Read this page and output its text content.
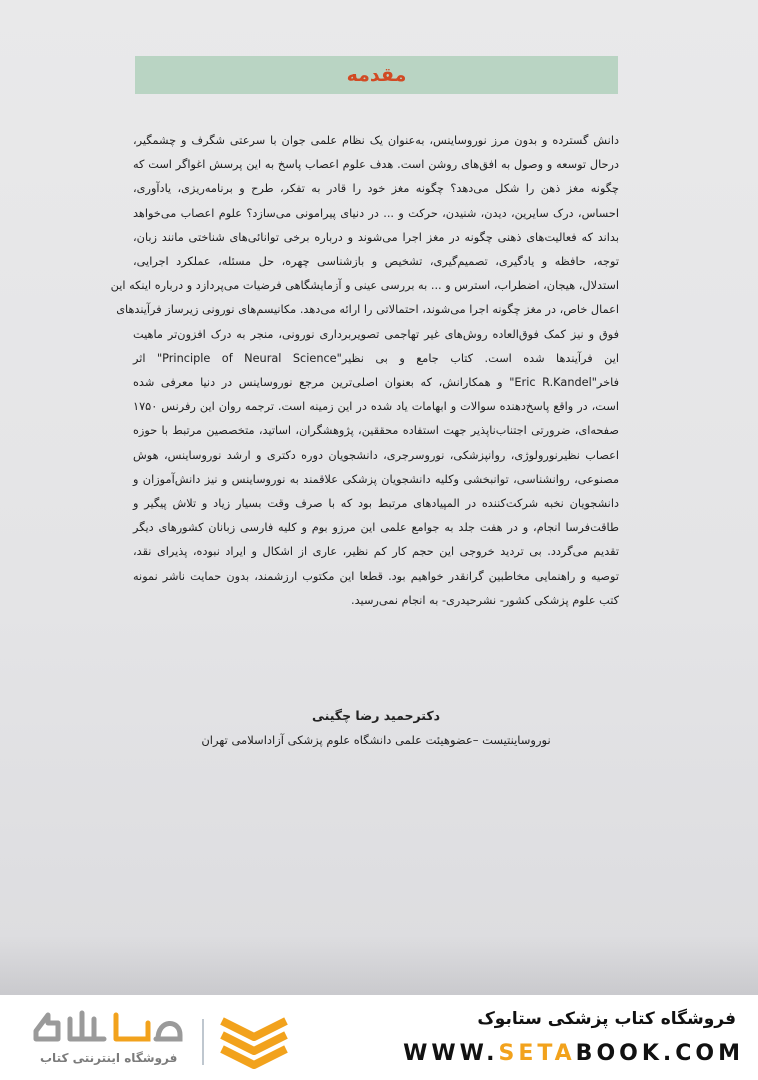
مقدمه
دانش گسترده و بدون مرز نوروساینس، به‌عنوان یک نظام علمی جوان با سرعتی شگرف و چشمگیر،
درحال توسعه و وصول به افق‌های روشن است. هدف علوم اعصاب پاسخ به این پرسش اغواگر است که
چگونه مغز ذهن را شکل می‌دهد؟ چگونه مغز خود را قادر به تفکر، طرح و برنامه‌ریزی، یادآوری،
احساس، درک سایرین، دیدن، شنیدن، حرکت و ... در دنیای پیرامونی می‌سازد؟ علوم اعصاب می‌خواهد
بداند که فعالیت‌های ذهنی چگونه در مغز اجرا می‌شوند و درباره برخی توانائی‌های شناختی مانند زبان،
توجه، حافظه و یادگیری، تصمیم‌گیری، تشخیص و بازشناسی چهره، حل مسئله، عملکرد اجرایی،
استدلال، هیجان، اضطراب، استرس و ... به بررسی عینی و آزمایشگاهی فرضیات می‌پردازد و درباره اینکه این
اعمال خاص، در مغز چگونه اجرا می‌شوند، احتمالاتی را ارائه می‌دهد. مکانیسم‌های نورونی زیرساز فرآیندهای
فوق و نیز کمک فوق‌العاده روش‌های غیر تهاجمی تصویربرداری نورونی، منجر به درک افزون‌تر ماهیت
این فرآیندها شده است. کتاب جامع و بی نظیر"Principle of Neural Science" اثر
فاخر"Eric R.Kandel" و همکارانش، که بعنوان اصلی‌ترین مرجع نوروساینس در دنیا معرفی شده
است، در واقع پاسخ‌دهنده سوالات و ابهامات یاد شده در این زمینه است. ترجمه روان این رفرنس ۱۷۵۰
صفحه‌ای، ضرورتی اجتناب‌ناپذیر جهت استفاده محققین، پژوهشگران، اساتید، متخصصین مرتبط با حوزه
اعصاب نظیرنورولوژی، روانپزشکی، نوروسرجری، دانشجویان دوره دکتری و ارشد نوروساینس، هوش
مصنوعی، روانشناسی، توانبخشی وکلیه دانشجویان پزشکی علاقمند به نوروساینس و نیز دانش‌آموزان و
دانشجویان نخبه شرکت‌کننده در المپیادهای مرتبط بود که با صرف وقت بسیار زیاد و تلاش پیگیر و
طاقت‌فرسا انجام، و در هفت جلد به جوامع علمی این مرزو بوم و کلیه فارسی زبانان کشورهای دیگر
تقدیم می‌گردد. بی تردید خروجی این حجم کار کم نظیر، عاری از اشکال و ایراد نبوده، پذیرای نقد،
توصیه و راهنمایی مخاطبین گرانقدر خواهیم بود. قطعا این مکتوب ارزشمند، بدون حمایت ناشر نمونه
کتب علوم پزشکی کشور- نشرحیدری- به انجام نمی‌رسید.
دکترحمید رضا چگینی
نوروساینتیست –عضوهیئت علمی دانشگاه علوم پزشکی آزاداسلامی تهران
فروشگاه اینترنتی کتاب
فروشگاه کتاب پزشکی ستابوک
WWW.SETABOOK.COM
